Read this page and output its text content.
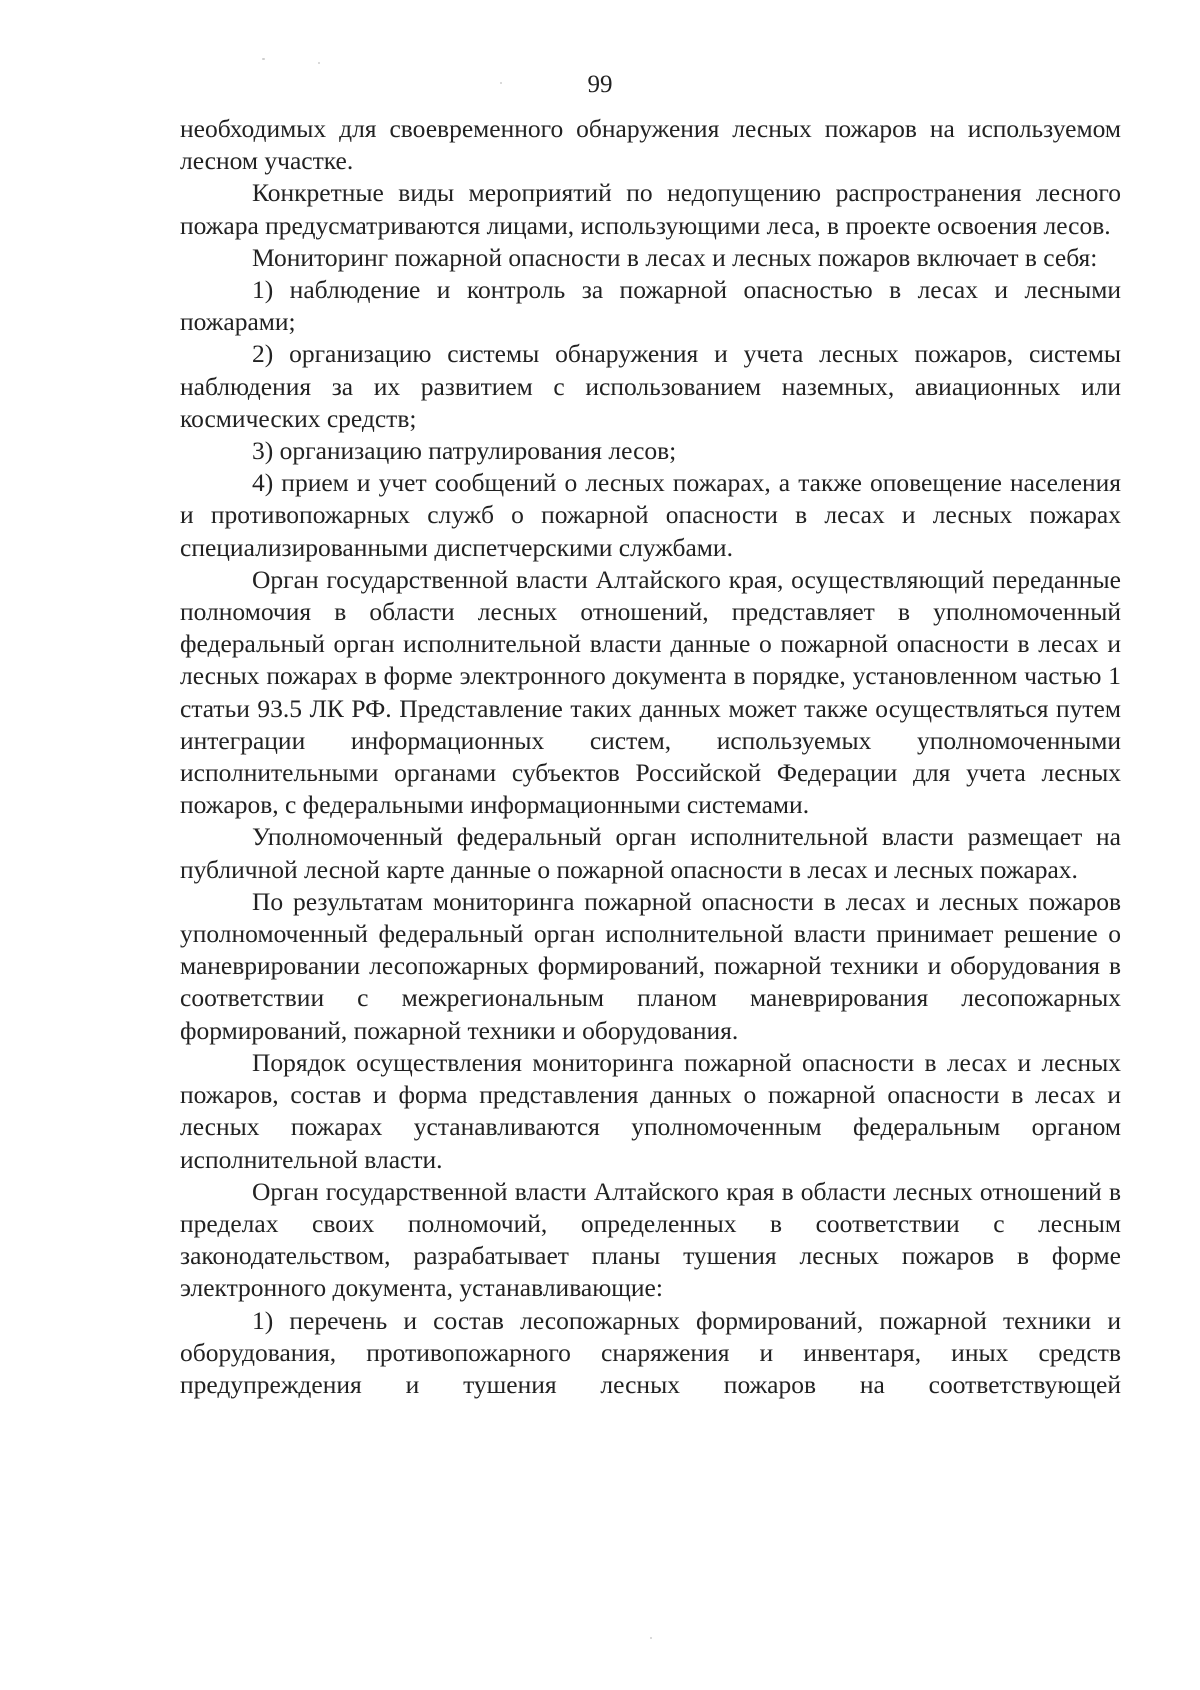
99

необходимых для своевременного обнаружения лесных пожаров на используемом лесном участке.

Конкретные виды мероприятий по недопущению распространения лесного пожара предусматриваются лицами, использующими леса, в проекте освоения лесов.

Мониторинг пожарной опасности в лесах и лесных пожаров включает в себя:

1) наблюдение и контроль за пожарной опасностью в лесах и лесными пожарами;

2) организацию системы обнаружения и учета лесных пожаров, системы наблюдения за их развитием с использованием наземных, авиационных или космических средств;

3) организацию патрулирования лесов;

4) прием и учет сообщений о лесных пожарах, а также оповещение населения и противопожарных служб о пожарной опасности в лесах и лесных пожарах специализированными диспетчерскими службами.

Орган государственной власти Алтайского края, осуществляющий переданные полномочия в области лесных отношений, представляет в уполномоченный федеральный орган исполнительной власти данные о пожарной опасности в лесах и лесных пожарах в форме электронного документа в порядке, установленном частью 1 статьи 93.5 ЛК РФ. Представление таких данных может также осуществляться путем интеграции информационных систем, используемых уполномоченными исполнительными органами субъектов Российской Федерации для учета лесных пожаров, с федеральными информационными системами.

Уполномоченный федеральный орган исполнительной власти размещает на публичной лесной карте данные о пожарной опасности в лесах и лесных пожарах.

По результатам мониторинга пожарной опасности в лесах и лесных пожаров уполномоченный федеральный орган исполнительной власти принимает решение о маневрировании лесопожарных формирований, пожарной техники и оборудования в соответствии с межрегиональным планом маневрирования лесопожарных формирований, пожарной техники и оборудования.

Порядок осуществления мониторинга пожарной опасности в лесах и лесных пожаров, состав и форма представления данных о пожарной опасности в лесах и лесных пожарах устанавливаются уполномоченным федеральным органом исполнительной власти.

Орган государственной власти Алтайского края в области лесных отношений в пределах своих полномочий, определенных в соответствии с лесным законодательством, разрабатывает планы тушения лесных пожаров в форме электронного документа, устанавливающие:

1) перечень и состав лесопожарных формирований, пожарной техники и оборудования, противопожарного снаряжения и инвентаря, иных средств предупреждения и тушения лесных пожаров на соответствующей
